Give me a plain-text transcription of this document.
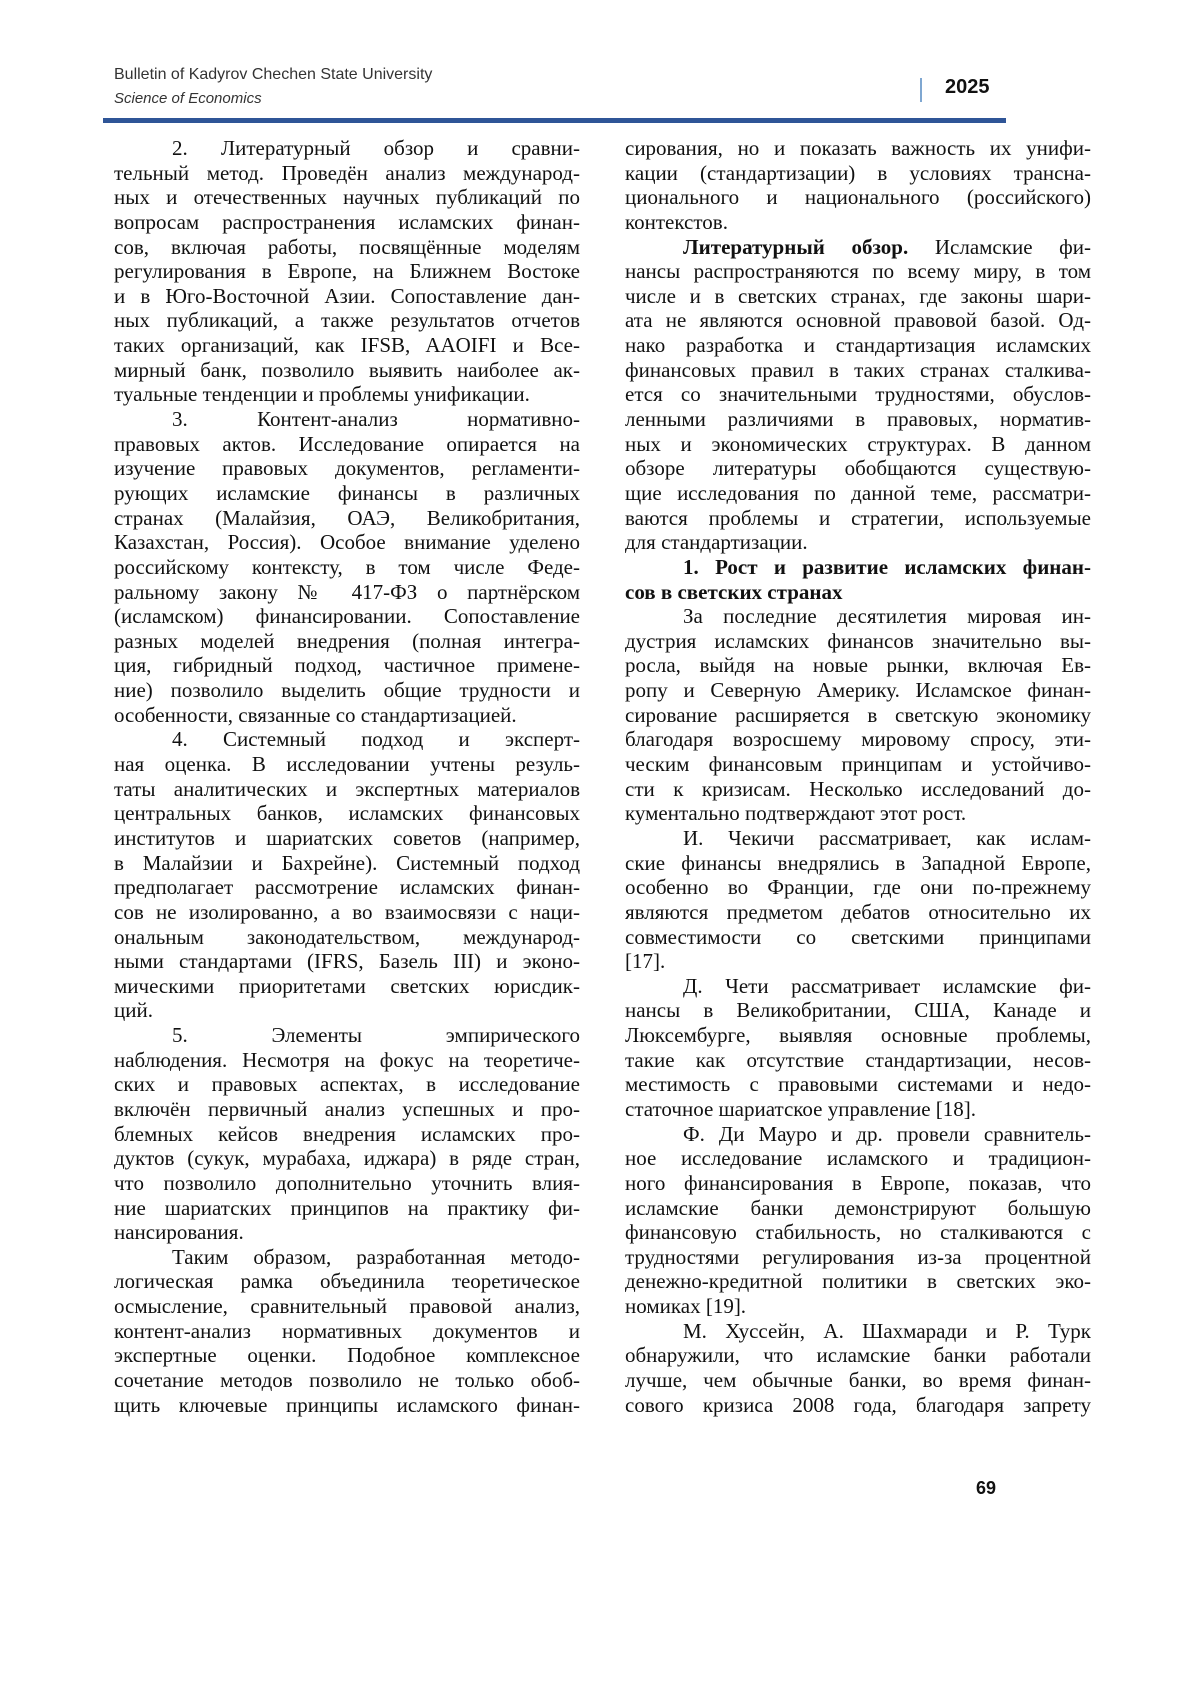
Bulletin of Kadyrov Chechen State University
Science of Economics
2025
2. Литературный обзор и сравни-
тельный метод. Проведён анализ международ-
ных и отечественных научных публикаций по
вопросам распространения исламских финан-
сов, включая работы, посвящённые моделям
регулирования в Европе, на Ближнем Востоке
и в Юго-Восточной Азии. Сопоставление дан-
ных публикаций, а также результатов отчетов
таких организаций, как IFSB, AAOIFI и Все-
мирный банк, позволило выявить наиболее ак-
туальные тенденции и проблемы унификации.
3. Контент-анализ нормативно-
правовых актов. Исследование опирается на
изучение правовых документов, регламенти-
рующих исламские финансы в различных
странах (Малайзия, ОАЭ, Великобритания,
Казахстан, Россия). Особое внимание уделено
российскому контексту, в том числе Феде-
ральному закону № 417-ФЗ о партнёрском
(исламском) финансировании. Сопоставление
разных моделей внедрения (полная интегра-
ция, гибридный подход, частичное примене-
ние) позволило выделить общие трудности и
особенности, связанные со стандартизацией.
4. Системный подход и эксперт-
ная оценка. В исследовании учтены резуль-
таты аналитических и экспертных материалов
центральных банков, исламских финансовых
институтов и шариатских советов (например,
в Малайзии и Бахрейне). Системный подход
предполагает рассмотрение исламских финан-
сов не изолированно, а во взаимосвязи с наци-
ональным законодательством, международ-
ными стандартами (IFRS, Базель III) и эконо-
мическими приоритетами светских юрисдик-
ций.
5. Элементы эмпирического
наблюдения. Несмотря на фокус на теоретиче-
ских и правовых аспектах, в исследование
включён первичный анализ успешных и про-
блемных кейсов внедрения исламских про-
дуктов (сукук, мурабаха, иджара) в ряде стран,
что позволило дополнительно уточнить влия-
ние шариатских принципов на практику фи-
нансирования.
Таким образом, разработанная методо-
логическая рамка объединила теоретическое
осмысление, сравнительный правовой анализ,
контент-анализ нормативных документов и
экспертные оценки. Подобное комплексное
сочетание методов позволило не только обоб-
щить ключевые принципы исламского финан-
сирования, но и показать важность их унифи-
кации (стандартизации) в условиях трансна-
ционального и национального (российского)
контекстов.
Литературный обзор. Исламские фи-
нансы распространяются по всему миру, в том
числе и в светских странах, где законы шари-
ата не являются основной правовой базой. Од-
нако разработка и стандартизация исламских
финансовых правил в таких странах сталкива-
ется со значительными трудностями, обуслов-
ленными различиями в правовых, норматив-
ных и экономических структурах. В данном
обзоре литературы обобщаются существую-
щие исследования по данной теме, рассматри-
ваются проблемы и стратегии, используемые
для стандартизации.
1. Рост и развитие исламских финан-
сов в светских странах
За последние десятилетия мировая ин-
дустрия исламских финансов значительно вы-
росла, выйдя на новые рынки, включая Ев-
ропу и Северную Америку. Исламское финан-
сирование расширяется в светскую экономику
благодаря возросшему мировому спросу, эти-
ческим финансовым принципам и устойчиво-
сти к кризисам. Несколько исследований до-
кументально подтверждают этот рост.
И. Чекичи рассматривает, как ислам-
ские финансы внедрялись в Западной Европе,
особенно во Франции, где они по-прежнему
являются предметом дебатов относительно их
совместимости со светскими принципами
[17].
Д. Чети рассматривает исламские фи-
нансы в Великобритании, США, Канаде и
Люксембурге, выявляя основные проблемы,
такие как отсутствие стандартизации, несов-
местимость с правовыми системами и недо-
статочное шариатское управление [18].
Ф. Ди Мауро и др. провели сравнитель-
ное исследование исламского и традицион-
ного финансирования в Европе, показав, что
исламские банки демонстрируют большую
финансовую стабильность, но сталкиваются с
трудностями регулирования из-за процентной
денежно-кредитной политики в светских эко-
номиках [19].
М. Хуссейн, А. Шахмаради и Р. Турк
обнаружили, что исламские банки работали
лучше, чем обычные банки, во время финан-
сового кризиса 2008 года, благодаря запрету
69
